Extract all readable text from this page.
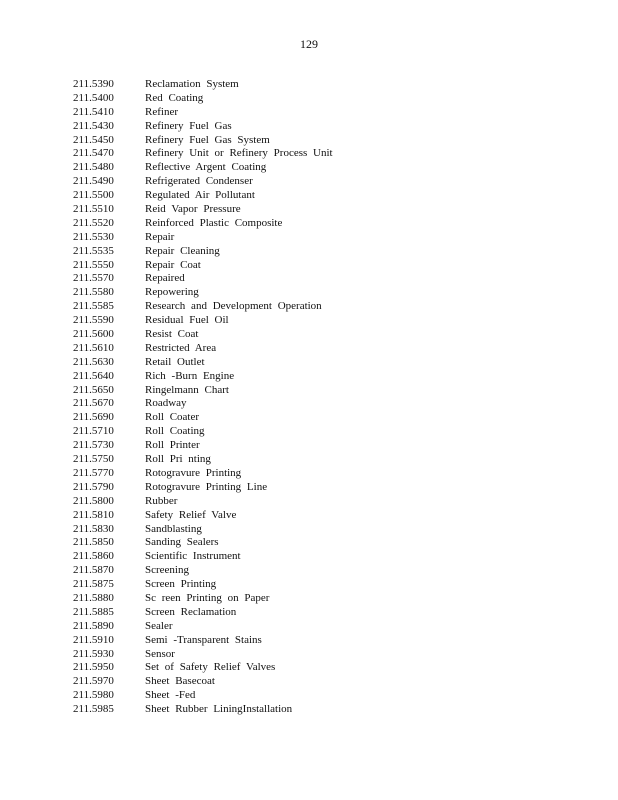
129
211.5390	Reclamation System
211.5400	Red Coating
211.5410	Refiner
211.5430	Refinery Fuel Gas
211.5450	Refinery Fuel Gas System
211.5470	Refinery Unit or Refinery Process Unit
211.5480	Reflective Argent Coating
211.5490	Refrigerated Condenser
211.5500	Regulated Air Pollutant
211.5510	Reid Vapor Pressure
211.5520	Reinforced Plastic Composite
211.5530	Repair
211.5535	Repair Cleaning
211.5550	Repair Coat
211.5570	Repaired
211.5580	Repowering
211.5585	Research and Development Operation
211.5590	Residual Fuel Oil
211.5600	Resist Coat
211.5610	Restricted Area
211.5630	Retail Outlet
211.5640	Rich -Burn Engine
211.5650	Ringelmann Chart
211.5670	Roadway
211.5690	Roll Coater
211.5710	Roll Coating
211.5730	Roll Printer
211.5750	Roll Pri nting
211.5770	Rotogravure Printing
211.5790	Rotogravure Printing Line
211.5800	Rubber
211.5810	Safety Relief Valve
211.5830	Sandblasting
211.5850	Sanding Sealers
211.5860	Scientific Instrument
211.5870	Screening
211.5875	Screen Printing
211.5880	Sc reen Printing on Paper
211.5885	Screen Reclamation
211.5890	Sealer
211.5910	Semi -Transparent Stains
211.5930	Sensor
211.5950	Set of Safety Relief Valves
211.5970	Sheet Basecoat
211.5980	Sheet -Fed
211.5985	Sheet Rubber LiningInstallation
